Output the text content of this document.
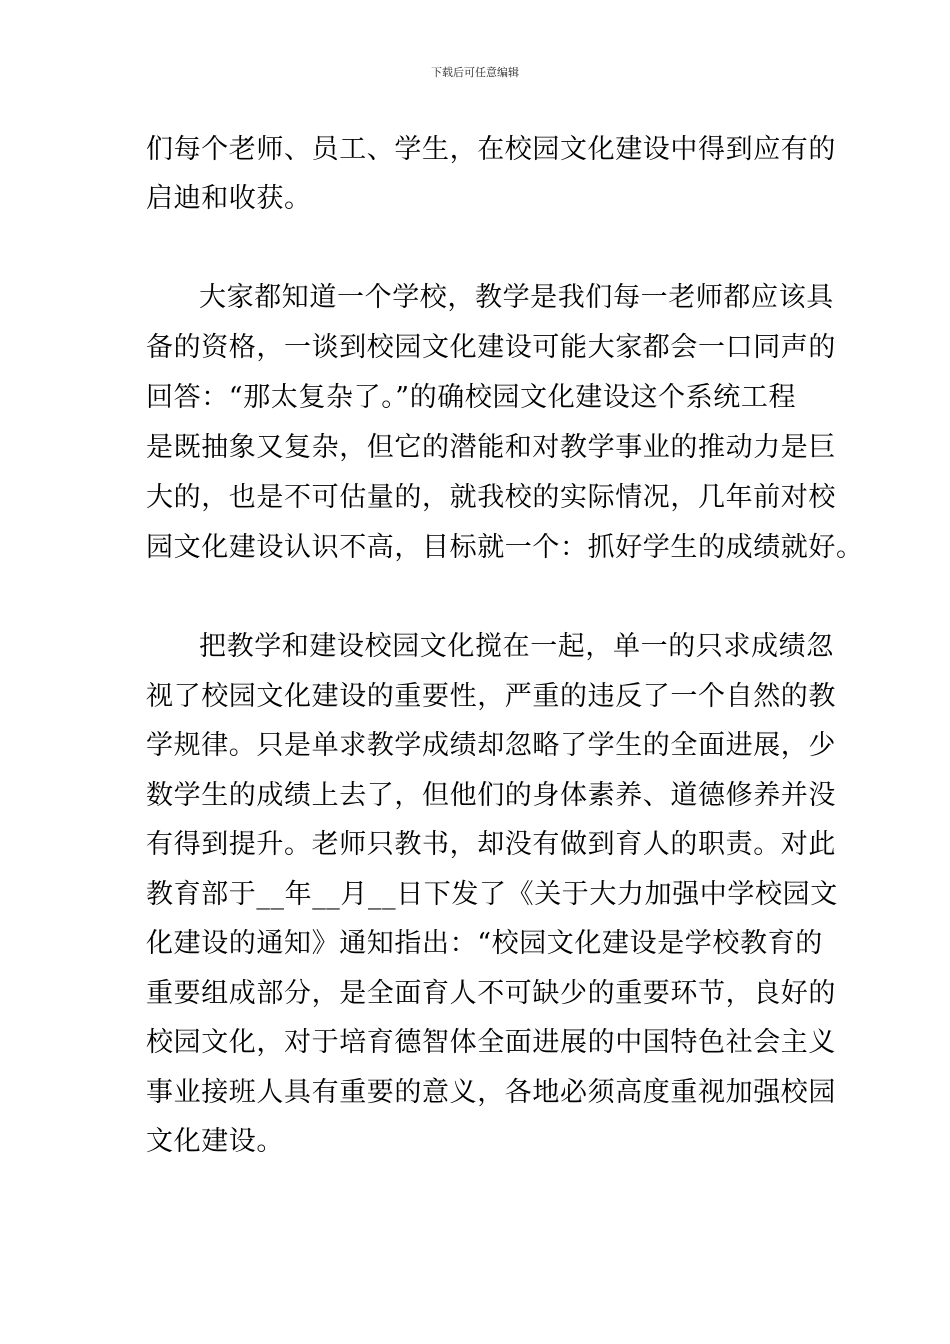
下载后可任意编辑
们每个老师、员工、学生，在校园文化建设中得到应有的
启迪和收获。
大家都知道一个学校，教学是我们每一老师都应该具
备的资格，一谈到校园文化建设可能大家都会一口同声的
回答：“那太复杂了。”的确校园文化建设这个系统工程
是既抽象又复杂，但它的潜能和对教学事业的推动力是巨
大的，也是不可估量的，就我校的实际情况，几年前对校
园文化建设认识不高，目标就一个：抓好学生的成绩就好。
把教学和建设校园文化搅在一起，单一的只求成绩忽
视了校园文化建设的重要性，严重的违反了一个自然的教
学规律。只是单求教学成绩却忽略了学生的全面进展，少
数学生的成绩上去了，但他们的身体素养、道德修养并没
有得到提升。老师只教书，却没有做到育人的职责。对此
教育部于__年__月__日下发了《关于大力加强中学校园文
化建设的通知》通知指出：“校园文化建设是学校教育的
重要组成部分，是全面育人不可缺少的重要环节，良好的
校园文化，对于培育德智体全面进展的中国特色社会主义
事业接班人具有重要的意义，各地必须高度重视加强校园
文化建设。
